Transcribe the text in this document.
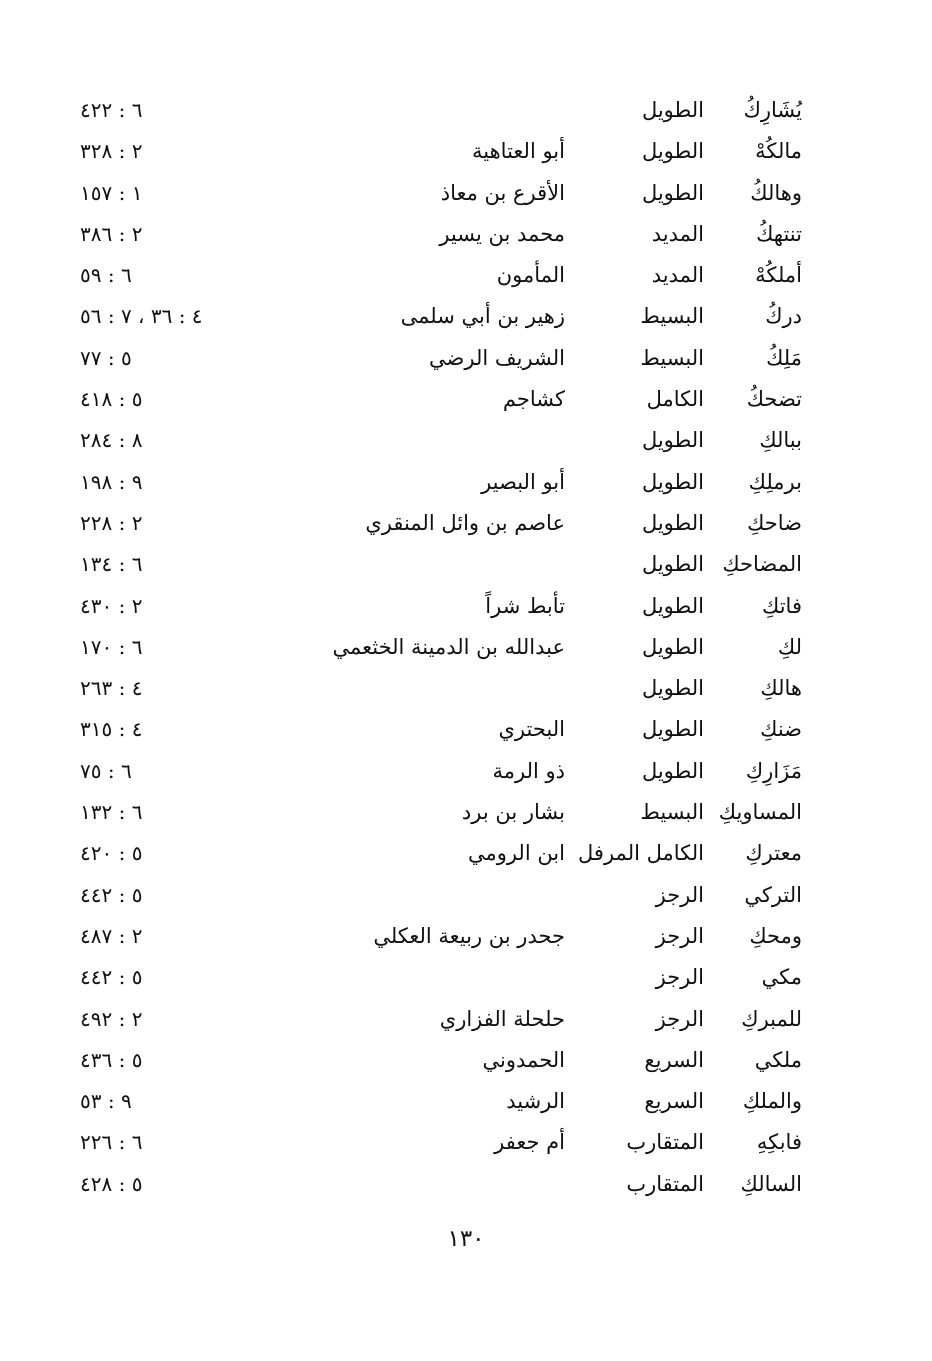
يُشَارِكُ
الطويل
٦ : ٤٢٢
مالكُهْ
الطويل
أبو العتاهية
٢ : ٣٢٨
وهالكُ
الطويل
الأقرع بن معاذ
١ : ١٥٧
تنتهكُ
المديد
محمد بن يسير
٢ : ٣٨٦
أملكُهْ
المديد
المأمون
٦ : ٥٩
دركُ
البسيط
زهير بن أبي سلمى
٤ : ٣٦ ، ٧ : ٥٦
مَلِكُ
البسيط
الشريف الرضي
٥ : ٧٧
تضحكُ
الكامل
كشاجم
٥ : ٤١٨
ببالكِ
الطويل
٨ : ٢٨٤
برملِكِ
الطويل
أبو البصير
٩ : ١٩٨
ضاحكِ
الطويل
عاصم بن وائل المنقري
٢ : ٢٢٨
المضاحكِ
الطويل
٦ : ١٣٤
فاتكِ
الطويل
تأبط شراً
٢ : ٤٣٠
لكِ
الطويل
عبدالله بن الدمينة الخثعمي
٦ : ١٧٠
هالكِ
الطويل
٤ : ٢٦٣
ضنكِ
الطويل
البحتري
٤ : ٣١٥
مَزَارِكِ
الطويل
ذو الرمة
٦ : ٧٥
المساويكِ
البسيط
بشار بن برد
٦ : ١٣٢
معتركِ
الكامل المرفل
ابن الرومي
٥ : ٤٢٠
التركي
الرجز
٥ : ٤٤٢
ومحكِ
الرجز
جحدر بن ربيعة العكلي
٢ : ٤٨٧
مكي
الرجز
٥ : ٤٤٢
للمبركِ
الرجز
حلحلة الفزاري
٢ : ٤٩٢
ملكي
السريع
الحمدوني
٥ : ٤٣٦
والملكِ
السريع
الرشيد
٩ : ٥٣
فابكِهِ
المتقارب
أم جعفر
٦ : ٢٢٦
السالكِ
المتقارب
٥ : ٤٢٨
١٣٠
